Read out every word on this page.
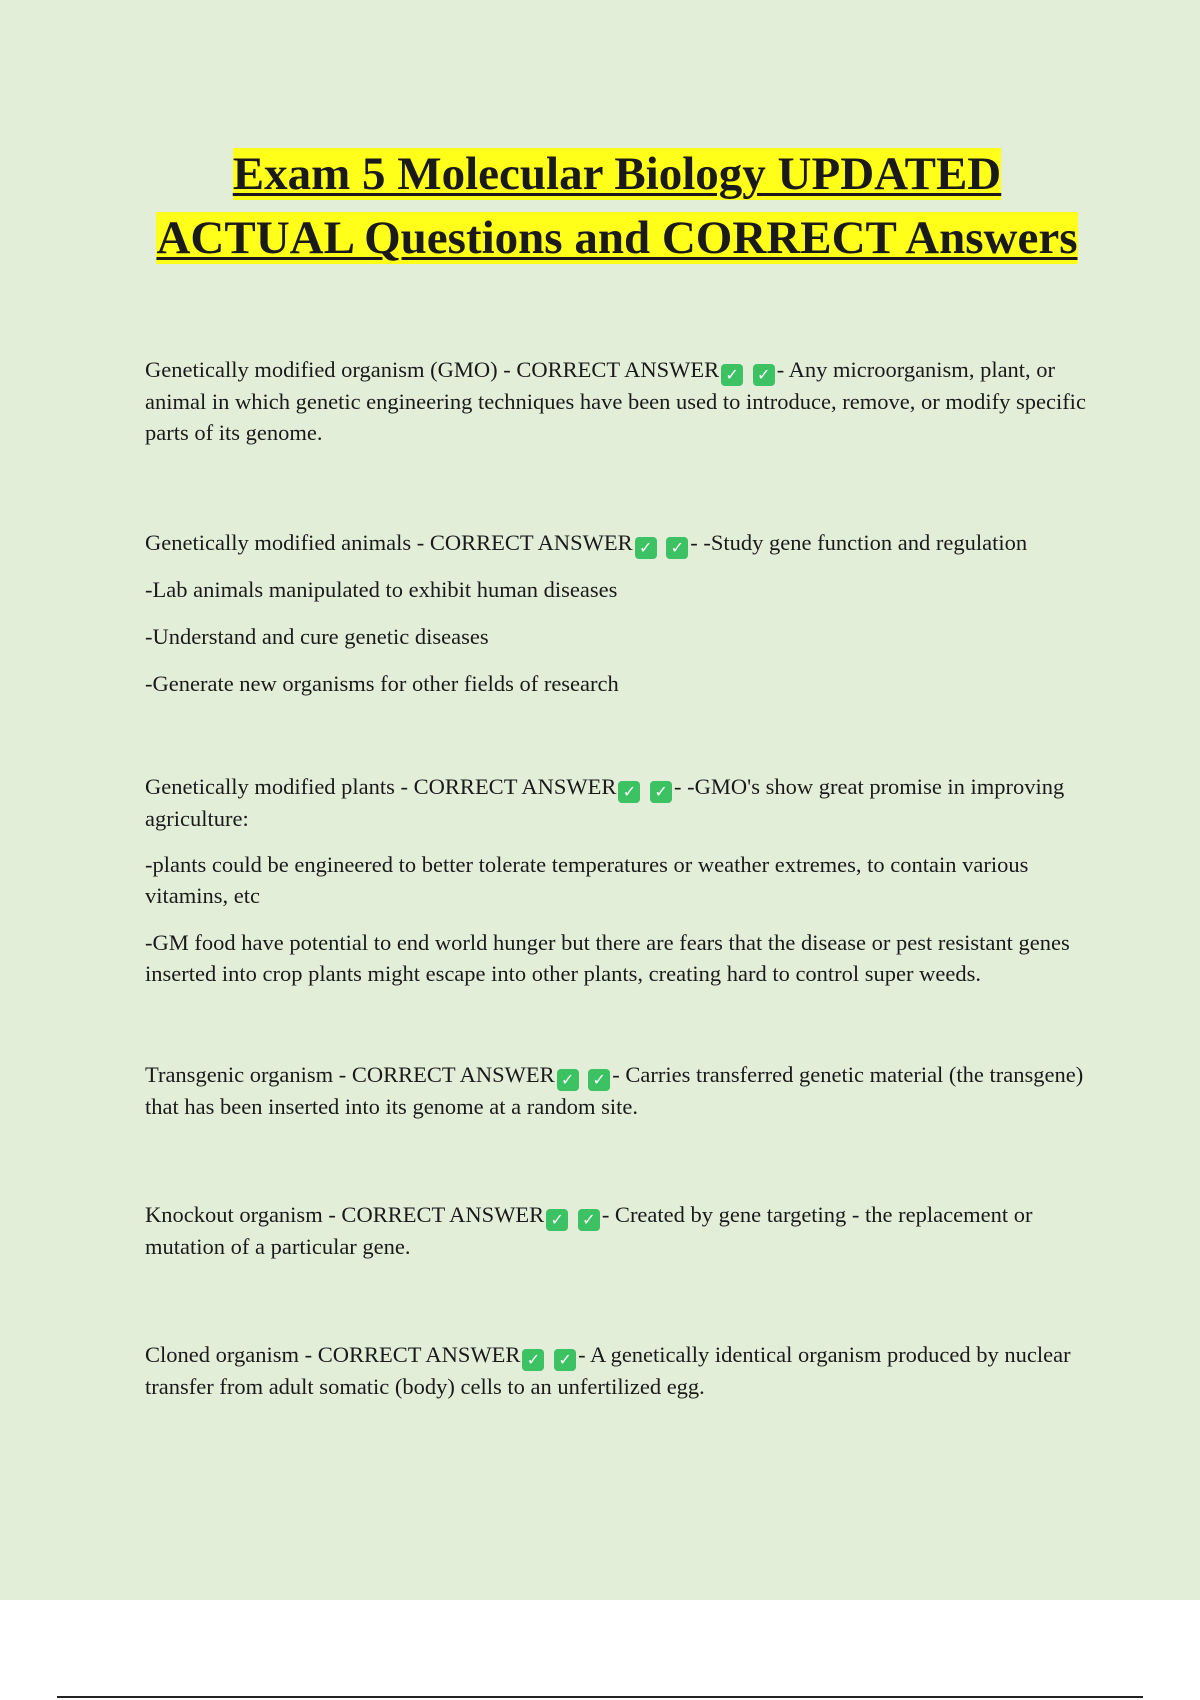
Exam 5 Molecular Biology UPDATED ACTUAL Questions and CORRECT Answers

Genetically modified organism (GMO) - CORRECT ANSWER ✓ ✓ - Any microorganism, plant, or animal in which genetic engineering techniques have been used to introduce, remove, or modify specific parts of its genome.

Genetically modified animals - CORRECT ANSWER ✓ ✓ - -Study gene function and regulation

-Lab animals manipulated to exhibit human diseases

-Understand and cure genetic diseases

-Generate new organisms for other fields of research

Genetically modified plants - CORRECT ANSWER ✓ ✓ - -GMO's show great promise in improving agriculture:

-plants could be engineered to better tolerate temperatures or weather extremes, to contain various vitamins, etc

-GM food have potential to end world hunger but there are fears that the disease or pest resistant genes inserted into crop plants might escape into other plants, creating hard to control super weeds.

Transgenic organism - CORRECT ANSWER ✓ ✓ - Carries transferred genetic material (the transgene) that has been inserted into its genome at a random site.

Knockout organism - CORRECT ANSWER ✓ ✓ - Created by gene targeting - the replacement or mutation of a particular gene.

Cloned organism - CORRECT ANSWER ✓ ✓ - A genetically identical organism produced by nuclear transfer from adult somatic (body) cells to an unfertilized egg.
